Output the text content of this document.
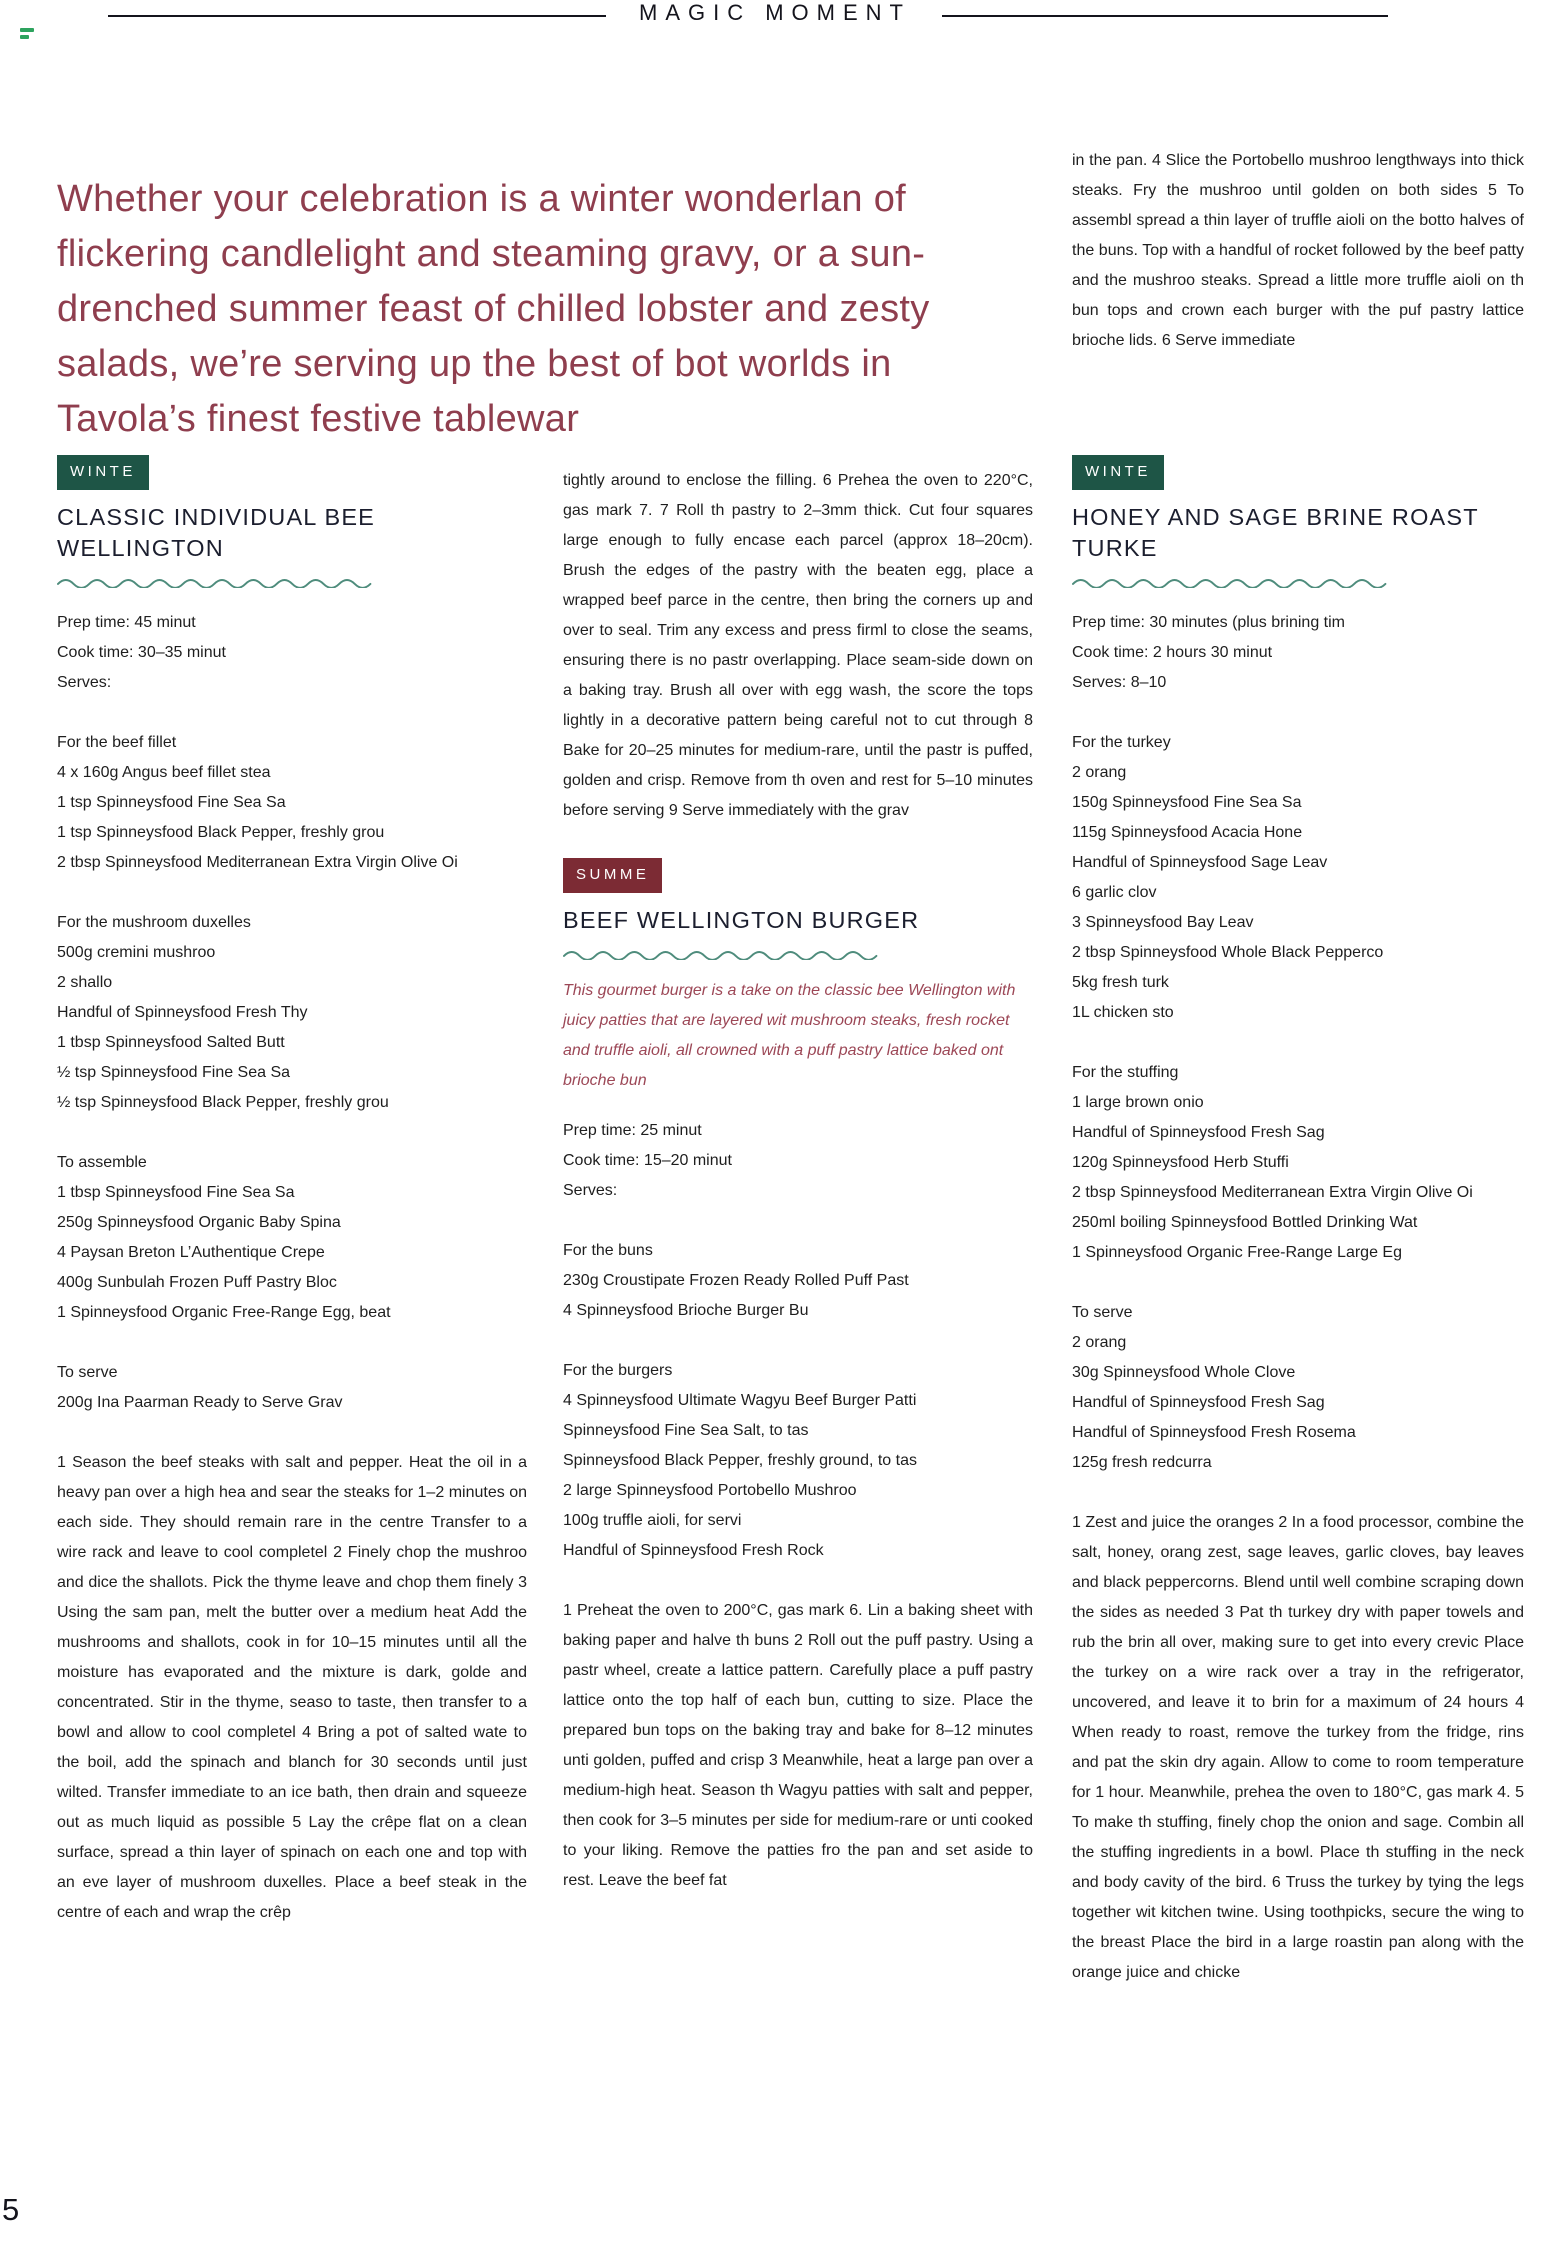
MAGIC MOMENT

Whether your celebration is a winter wonderlan of flickering candlelight and steaming gravy, or a sun-drenched summer feast of chilled lobster and zesty salads, we’re serving up the best of bot worlds in Tavola’s finest festive tablewar

in the pan. 4 Slice the Portobello mushroo lengthways into thick steaks. Fry the mushroo until golden on both sides 5 To assembl spread a thin layer of truffle aioli on the botto halves of the buns. Top with a handful of rocket followed by the beef patty and the mushroo steaks. Spread a little more truffle aioli on th bun tops and crown each burger with the puf pastry lattice brioche lids. 6 Serve immediate

WINTE
CLASSIC INDIVIDUAL BEE WELLINGTON
Prep time: 45 minut
Cook time: 30–35 minut
Serves:
For the beef fillet
4 x 160g Angus beef fillet stea
1 tsp Spinneysfood Fine Sea Sa
1 tsp Spinneysfood Black Pepper, freshly grou
2 tbsp Spinneysfood Mediterranean Extra Virgin Olive Oi
For the mushroom duxelles
500g cremini mushroo
2 shallo
Handful of Spinneysfood Fresh Thy
1 tbsp Spinneysfood Salted Butt
½ tsp Spinneysfood Fine Sea Sa
½ tsp Spinneysfood Black Pepper, freshly grou
To assemble
1 tbsp Spinneysfood Fine Sea Sa
250g Spinneysfood Organic Baby Spina
4 Paysan Breton L’Authentique Crepe
400g Sunbulah Frozen Puff Pastry Bloc
1 Spinneysfood Organic Free-Range Egg, beat
To serve
200g Ina Paarman Ready to Serve Grav

1 Season the beef steaks with salt and pepper. Heat the oil in a heavy pan over a high hea and sear the steaks for 1–2 minutes on each side. They should remain rare in the centre Transfer to a wire rack and leave to cool completel 2 Finely chop the mushroo and dice the shallots. Pick the thyme leave and chop them finely 3 Using the sam pan, melt the butter over a medium heat Add the mushrooms and shallots, cook in for 10–15 minutes until all the moisture has evaporated and the mixture is dark, golde and concentrated. Stir in the thyme, seaso to taste, then transfer to a bowl and allow to cool completel 4 Bring a pot of salted wate to the boil, add the spinach and blanch for 30 seconds until just wilted. Transfer immediate to an ice bath, then drain and squeeze out as much liquid as possible 5 Lay the crêpe flat on a clean surface, spread a thin layer of spinach on each one and top with an eve layer of mushroom duxelles. Place a beef steak in the centre of each and wrap the crêp

tightly around to enclose the filling. 6 Prehea the oven to 220°C, gas mark 7. 7 Roll th pastry to 2–3mm thick. Cut four squares large enough to fully encase each parcel (approx 18–20cm). Brush the edges of the pastry with the beaten egg, place a wrapped beef parce in the centre, then bring the corners up and over to seal. Trim any excess and press firml to close the seams, ensuring there is no pastr overlapping. Place seam-side down on a baking tray. Brush all over with egg wash, the score the tops lightly in a decorative pattern being careful not to cut through 8 Bake for 20–25 minutes for medium-rare, until the pastr is puffed, golden and crisp. Remove from th oven and rest for 5–10 minutes before serving 9 Serve immediately with the grav

SUMME
BEEF WELLINGTON BURGER

This gourmet burger is a take on the classic bee Wellington with juicy patties that are layered wit mushroom steaks, fresh rocket and truffle aioli, all crowned with a puff pastry lattice baked ont brioche bun

Prep time: 25 minut
Cook time: 15–20 minut
Serves:
For the buns
230g Croustipate Frozen Ready Rolled Puff Past
4 Spinneysfood Brioche Burger Bu
For the burgers
4 Spinneysfood Ultimate Wagyu Beef Burger Patti
Spinneysfood Fine Sea Salt, to tas
Spinneysfood Black Pepper, freshly ground, to tas
2 large Spinneysfood Portobello Mushroo
100g truffle aioli, for servi
Handful of Spinneysfood Fresh Rock

1 Preheat the oven to 200°C, gas mark 6. Lin a baking sheet with baking paper and halve th buns 2 Roll out the puff pastry. Using a pastr wheel, create a lattice pattern. Carefully place a puff pastry lattice onto the top half of each bun, cutting to size. Place the prepared bun tops on the baking tray and bake for 8–12 minutes unti golden, puffed and crisp 3 Meanwhile, heat a large pan over a medium-high heat. Season th Wagyu patties with salt and pepper, then cook for 3–5 minutes per side for medium-rare or unti cooked to your liking. Remove the patties fro the pan and set aside to rest. Leave the beef fat

WINTE
HONEY AND SAGE BRINE ROAST TURKE
Prep time: 30 minutes (plus brining tim
Cook time: 2 hours 30 minut
Serves: 8–10
For the turkey
2 orang
150g Spinneysfood Fine Sea Sa
115g Spinneysfood Acacia Hone
Handful of Spinneysfood Sage Leav
6 garlic clov
3 Spinneysfood Bay Leav
2 tbsp Spinneysfood Whole Black Pepperco
5kg fresh turk
1L chicken sto
For the stuffing
1 large brown onio
Handful of Spinneysfood Fresh Sag
120g Spinneysfood Herb Stuffi
2 tbsp Spinneysfood Mediterranean Extra Virgin Olive Oi
250ml boiling Spinneysfood Bottled Drinking Wat
1 Spinneysfood Organic Free-Range Large Eg
To serve
2 orang
30g Spinneysfood Whole Clove
Handful of Spinneysfood Fresh Sag
Handful of Spinneysfood Fresh Rosema
125g fresh redcurra

1 Zest and juice the oranges 2 In a food processor, combine the salt, honey, orang zest, sage leaves, garlic cloves, bay leaves and black peppercorns. Blend until well combine scraping down the sides as needed 3 Pat th turkey dry with paper towels and rub the brin all over, making sure to get into every crevic Place the turkey on a wire rack over a tray in the refrigerator, uncovered, and leave it to brin for a maximum of 24 hours 4 When ready to roast, remove the turkey from the fridge, rins and pat the skin dry again. Allow to come to room temperature for 1 hour. Meanwhile, prehea the oven to 180°C, gas mark 4. 5 To make th stuffing, finely chop the onion and sage. Combin all the stuffing ingredients in a bowl. Place th stuffing in the neck and body cavity of the bird. 6 Truss the turkey by tying the legs together wit kitchen twine. Using toothpicks, secure the wing to the breast Place the bird in a large roastin pan along with the orange juice and chicke

5
